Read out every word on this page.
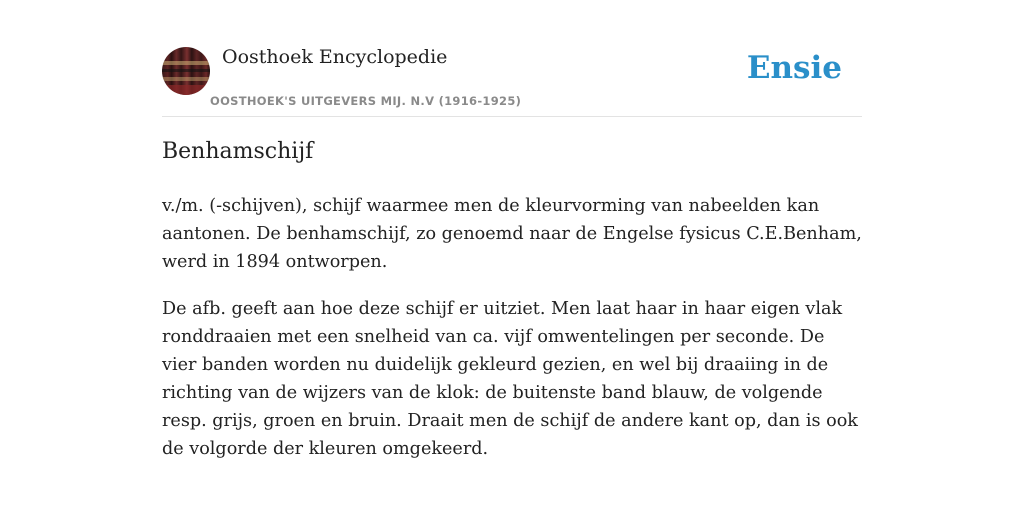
Oosthoek Encyclopedie
OOSTHOEK'S UITGEVERS MIJ. N.V (1916-1925)
Ensie
Benhamschijf

v./m. (-schijven), schijf waarmee men de kleurvorming van nabeelden kan aantonen. De benhamschijf, zo genoemd naar de Engelse fysicus C.E.Benham, werd in 1894 ontworpen.

De afb. geeft aan hoe deze schijf er uitziet. Men laat haar in haar eigen vlak ronddraaien met een snelheid van ca. vijf omwentelingen per seconde. De vier banden worden nu duidelijk gekleurd gezien, en wel bij draaiing in de richting van de wijzers van de klok: de buitenste band blauw, de volgende resp. grijs, groen en bruin. Draait men de schijf de andere kant op, dan is ook de volgorde der kleuren omgekeerd.
